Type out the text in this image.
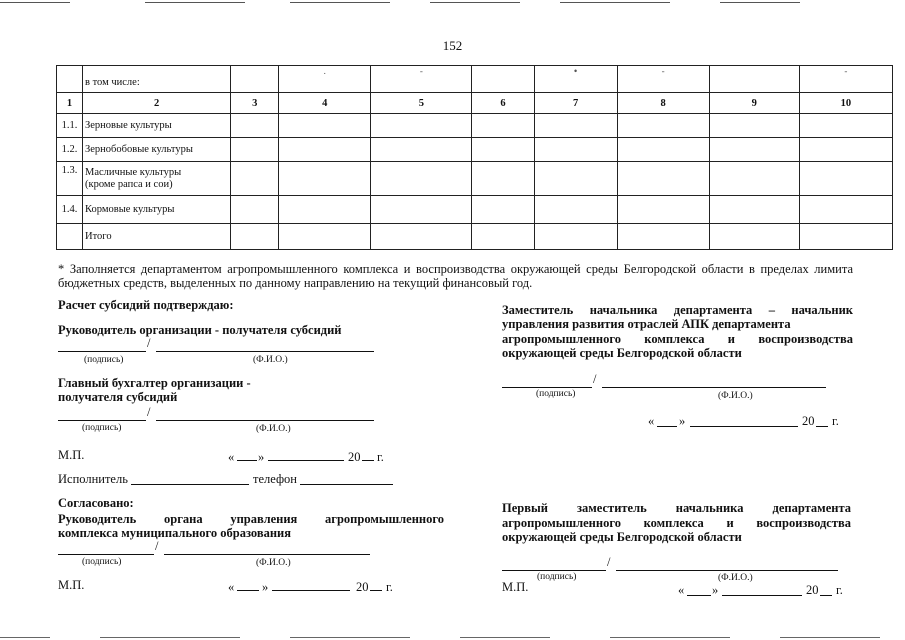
152
	в том числе:		.	-		•	-		-
1	2	3	4	5	6	7	8	9	10
1.1.	Зерновые культуры								
1.2.	Зернобобовые культуры								
1.3.	Масличные культуры
(кроме рапса и сои)								

1.4.	Кормовые культуры								
	Итого								
* Заполняется департаментом агропромышленного комплекса и воспроизводства окружающей среды Белгородской области в пределах лимита бюджетных средств, выделенных по данному направлению на текущий финансовый год.
Расчет субсидий подтверждаю:
Руководитель организации - получателя субсидий
/
(подпись)	(Ф.И.О.)
Главный бухгалтер организации -
получателя субсидий
/
(подпись)	(Ф.И.О.)
М.П.	« »	20 г.
Исполнитель	телефон
Согласовано:
Руководитель органа управления агропромышленного
комплекса муниципального образования
/
(подпись)	(Ф.И.О.)
М.П.	« »	20 г.
Заместитель начальника департамента – начальник
управления развития отраслей АПК департамента
агропромышленного комплекса и воспроизводства
окружающей среды Белгородской области
/
(подпись)	(Ф.И.О.)
« »	20 г.
Первый заместитель начальника департамента
агропромышленного комплекса и воспроизводства
окружающей среды Белгородской области
/
(подпись)	(Ф.И.О.)
М.П.	« »	20 г.
